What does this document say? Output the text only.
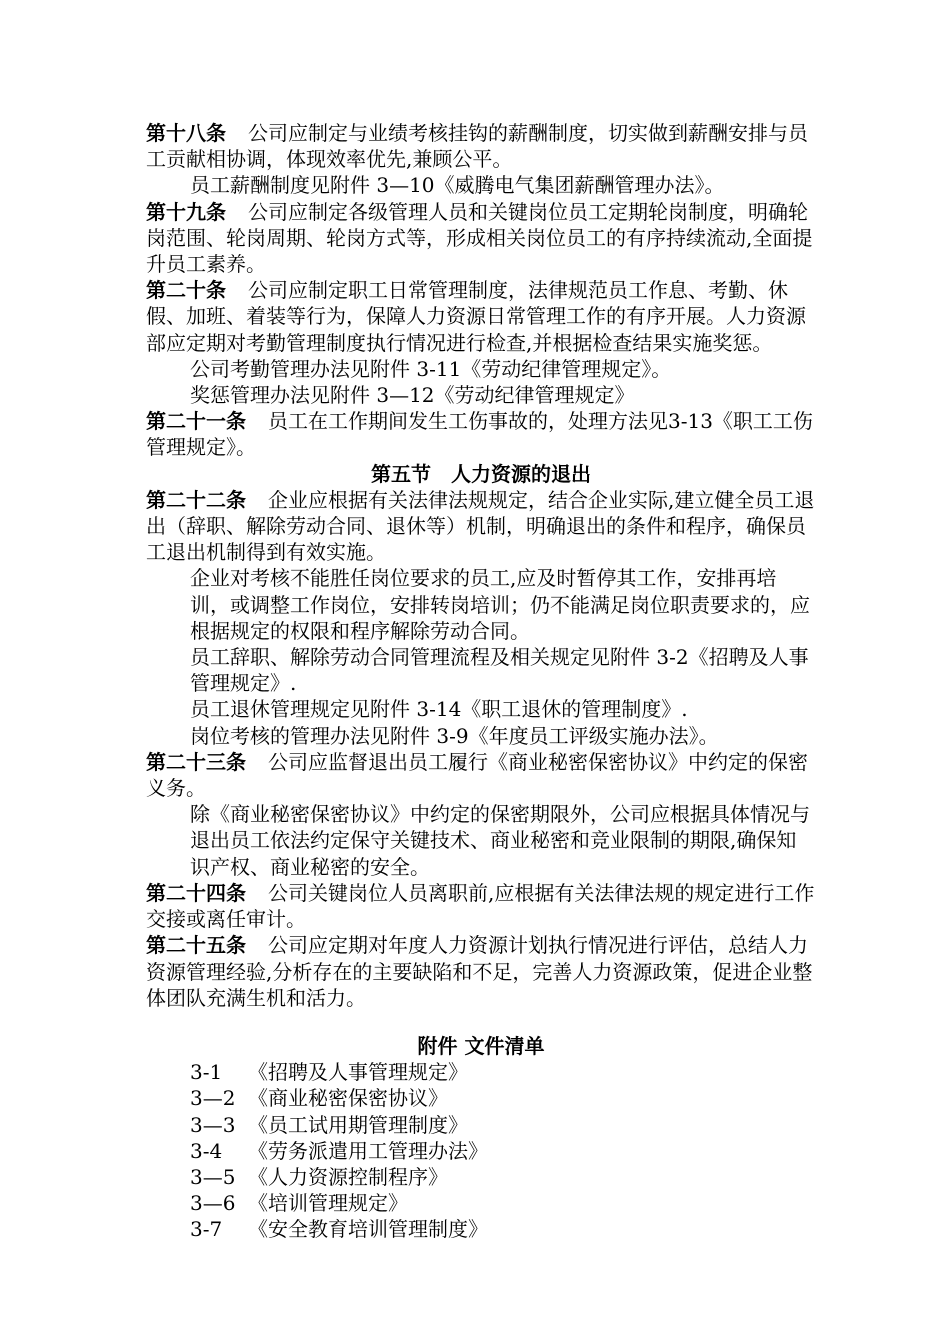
第十八条 公司应制定与业绩考核挂钩的薪酬制度，切实做到薪酬安排与员工贡献相协调，体现效率优先,兼顾公平。

员工薪酬制度见附件 3—10《威腾电气集团薪酬管理办法》。

第十九条 公司应制定各级管理人员和关键岗位员工定期轮岗制度，明确轮岗范围、轮岗周期、轮岗方式等，形成相关岗位员工的有序持续流动,全面提升员工素养。

第二十条 公司应制定职工日常管理制度，法律规范员工作息、考勤、休假、加班、着装等行为，保障人力资源日常管理工作的有序开展。人力资源部应定期对考勤管理制度执行情况进行检查,并根据检查结果实施奖惩。

公司考勤管理办法见附件 3-11《劳动纪律管理规定》。

奖惩管理办法见附件 3—12《劳动纪律管理规定》

第二十一条 员工在工作期间发生工伤事故的，处理方法见3-13《职工工伤管理规定》。

第五节　人力资源的退出

第二十二条 企业应根据有关法律法规规定，结合企业实际,建立健全员工退出（辞职、解除劳动合同、退休等）机制，明确退出的条件和程序，确保员工退出机制得到有效实施。

企业对考核不能胜任岗位要求的员工,应及时暂停其工作，安排再培训，或调整工作岗位，安排转岗培训；仍不能满足岗位职责要求的，应根据规定的权限和程序解除劳动合同。

员工辞职、解除劳动合同管理流程及相关规定见附件 3-2《招聘及人事管理规定》.

员工退休管理规定见附件 3-14《职工退休的管理制度》.

岗位考核的管理办法见附件 3-9《年度员工评级实施办法》。

第二十三条 公司应监督退出员工履行《商业秘密保密协议》中约定的保密义务。

除《商业秘密保密协议》中约定的保密期限外，公司应根据具体情况与退出员工依法约定保守关键技术、商业秘密和竞业限制的期限,确保知识产权、商业秘密的安全。

第二十四条 公司关键岗位人员离职前,应根据有关法律法规的规定进行工作交接或离任审计。

第二十五条 公司应定期对年度人力资源计划执行情况进行评估，总结人力资源管理经验,分析存在的主要缺陷和不足，完善人力资源政策，促进企业整体团队充满生机和活力。

附件 文件清单

3-1 《招聘及人事管理规定》
3—2 《商业秘密保密协议》
3—3 《员工试用期管理制度》
3-4 《劳务派遣用工管理办法》
3—5 《人力资源控制程序》
3—6 《培训管理规定》
3-7 《安全教育培训管理制度》
